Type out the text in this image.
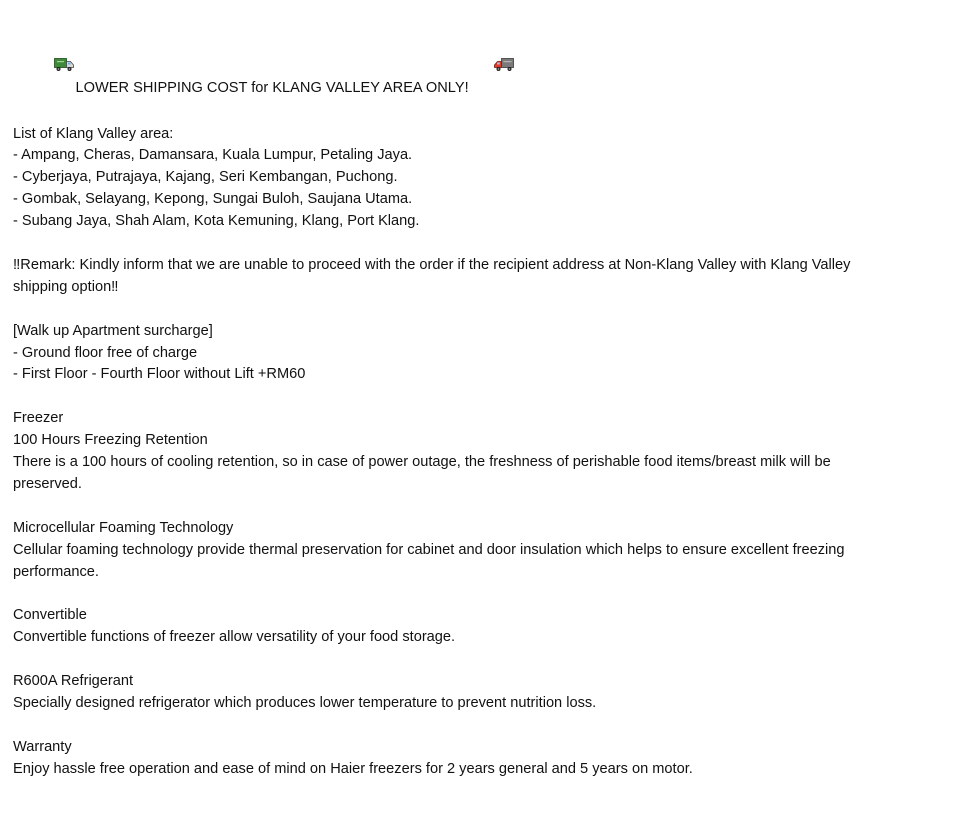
LOWER SHIPPING COST for KLANG VALLEY AREA ONLY!

List of Klang Valley area:
- Ampang, Cheras, Damansara, Kuala Lumpur, Petaling Jaya.
- Cyberjaya, Putrajaya, Kajang, Seri Kembangan, Puchong.
- Gombak, Selayang, Kepong, Sungai Buloh, Saujana Utama.
- Subang Jaya, Shah Alam, Kota Kemuning, Klang, Port Klang.
‼Remark: Kindly inform that we are unable to proceed with the order if the recipient address at Non-Klang Valley with Klang Valley
shipping option‼
[Walk up Apartment surcharge]
- Ground floor free of charge
- First Floor - Fourth Floor without Lift +RM60
Freezer
100 Hours Freezing Retention
There is a 100 hours of cooling retention, so in case of power outage, the freshness of perishable food items/breast milk will be
preserved.
Microcellular Foaming Technology
Cellular foaming technology provide thermal preservation for cabinet and door insulation which helps to ensure excellent freezing
performance.
Convertible
Convertible functions of freezer allow versatility of your food storage.
R600A Refrigerant
Specially designed refrigerator which produces lower temperature to prevent nutrition loss.
Warranty
Enjoy hassle free operation and ease of mind on Haier freezers for 2 years general and 5 years on motor.
